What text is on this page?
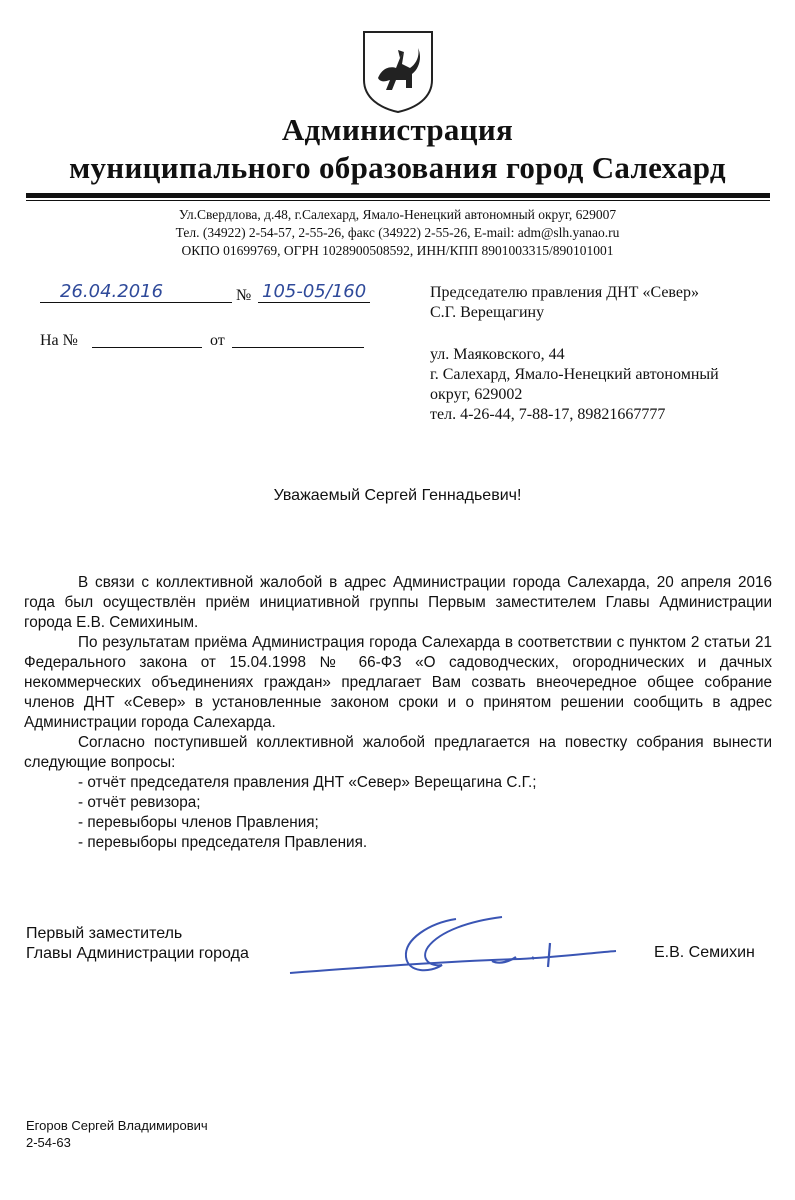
Администрация
муниципального образования город Салехард
Ул.Свердлова, д.48, г.Салехард, Ямало-Ненецкий автономный округ, 629007
Тел. (34922) 2-54-57, 2-55-26, факс (34922) 2-55-26, E-mail: adm@slh.yanao.ru
ОКПО 01699769, ОГРН 1028900508592, ИНН/КПП 8901003315/890101001
26.04.2016	№ 105-05/160
На №	от
Председателю правления ДНТ «Север»
С.Г. Верещагину
ул. Маяковского, 44
г. Салехард, Ямало-Ненецкий автономный
округ, 629002
тел. 4-26-44, 7-88-17, 89821667777
Уважаемый Сергей Геннадьевич!

В связи с коллективной жалобой в адрес Администрации города Салехарда, 20 апреля 2016 года был осуществлён приём инициативной группы Первым заместителем Главы Администрации города Е.В. Семихиным.

По результатам приёма Администрация города Салехарда в соответствии с пунктом 2 статьи 21 Федерального закона от 15.04.1998 № 66-ФЗ «О садоводческих, огороднических и дачных некоммерческих объединениях граждан» предлагает Вам созвать внеочередное общее собрание членов ДНТ «Север» в установленные законом сроки и о принятом решении сообщить в адрес Администрации города Салехарда.

Согласно поступившей коллективной жалобой предлагается на повестку собрания вынести следующие вопросы:

- отчёт председателя правления ДНТ «Север» Верещагина С.Г.;

- отчёт ревизора;

- перевыборы членов Правления;

- перевыборы председателя Правления.

Первый заместитель
Главы Администрации города	Е.В. Семихин
Егоров Сергей Владимирович
2-54-63
